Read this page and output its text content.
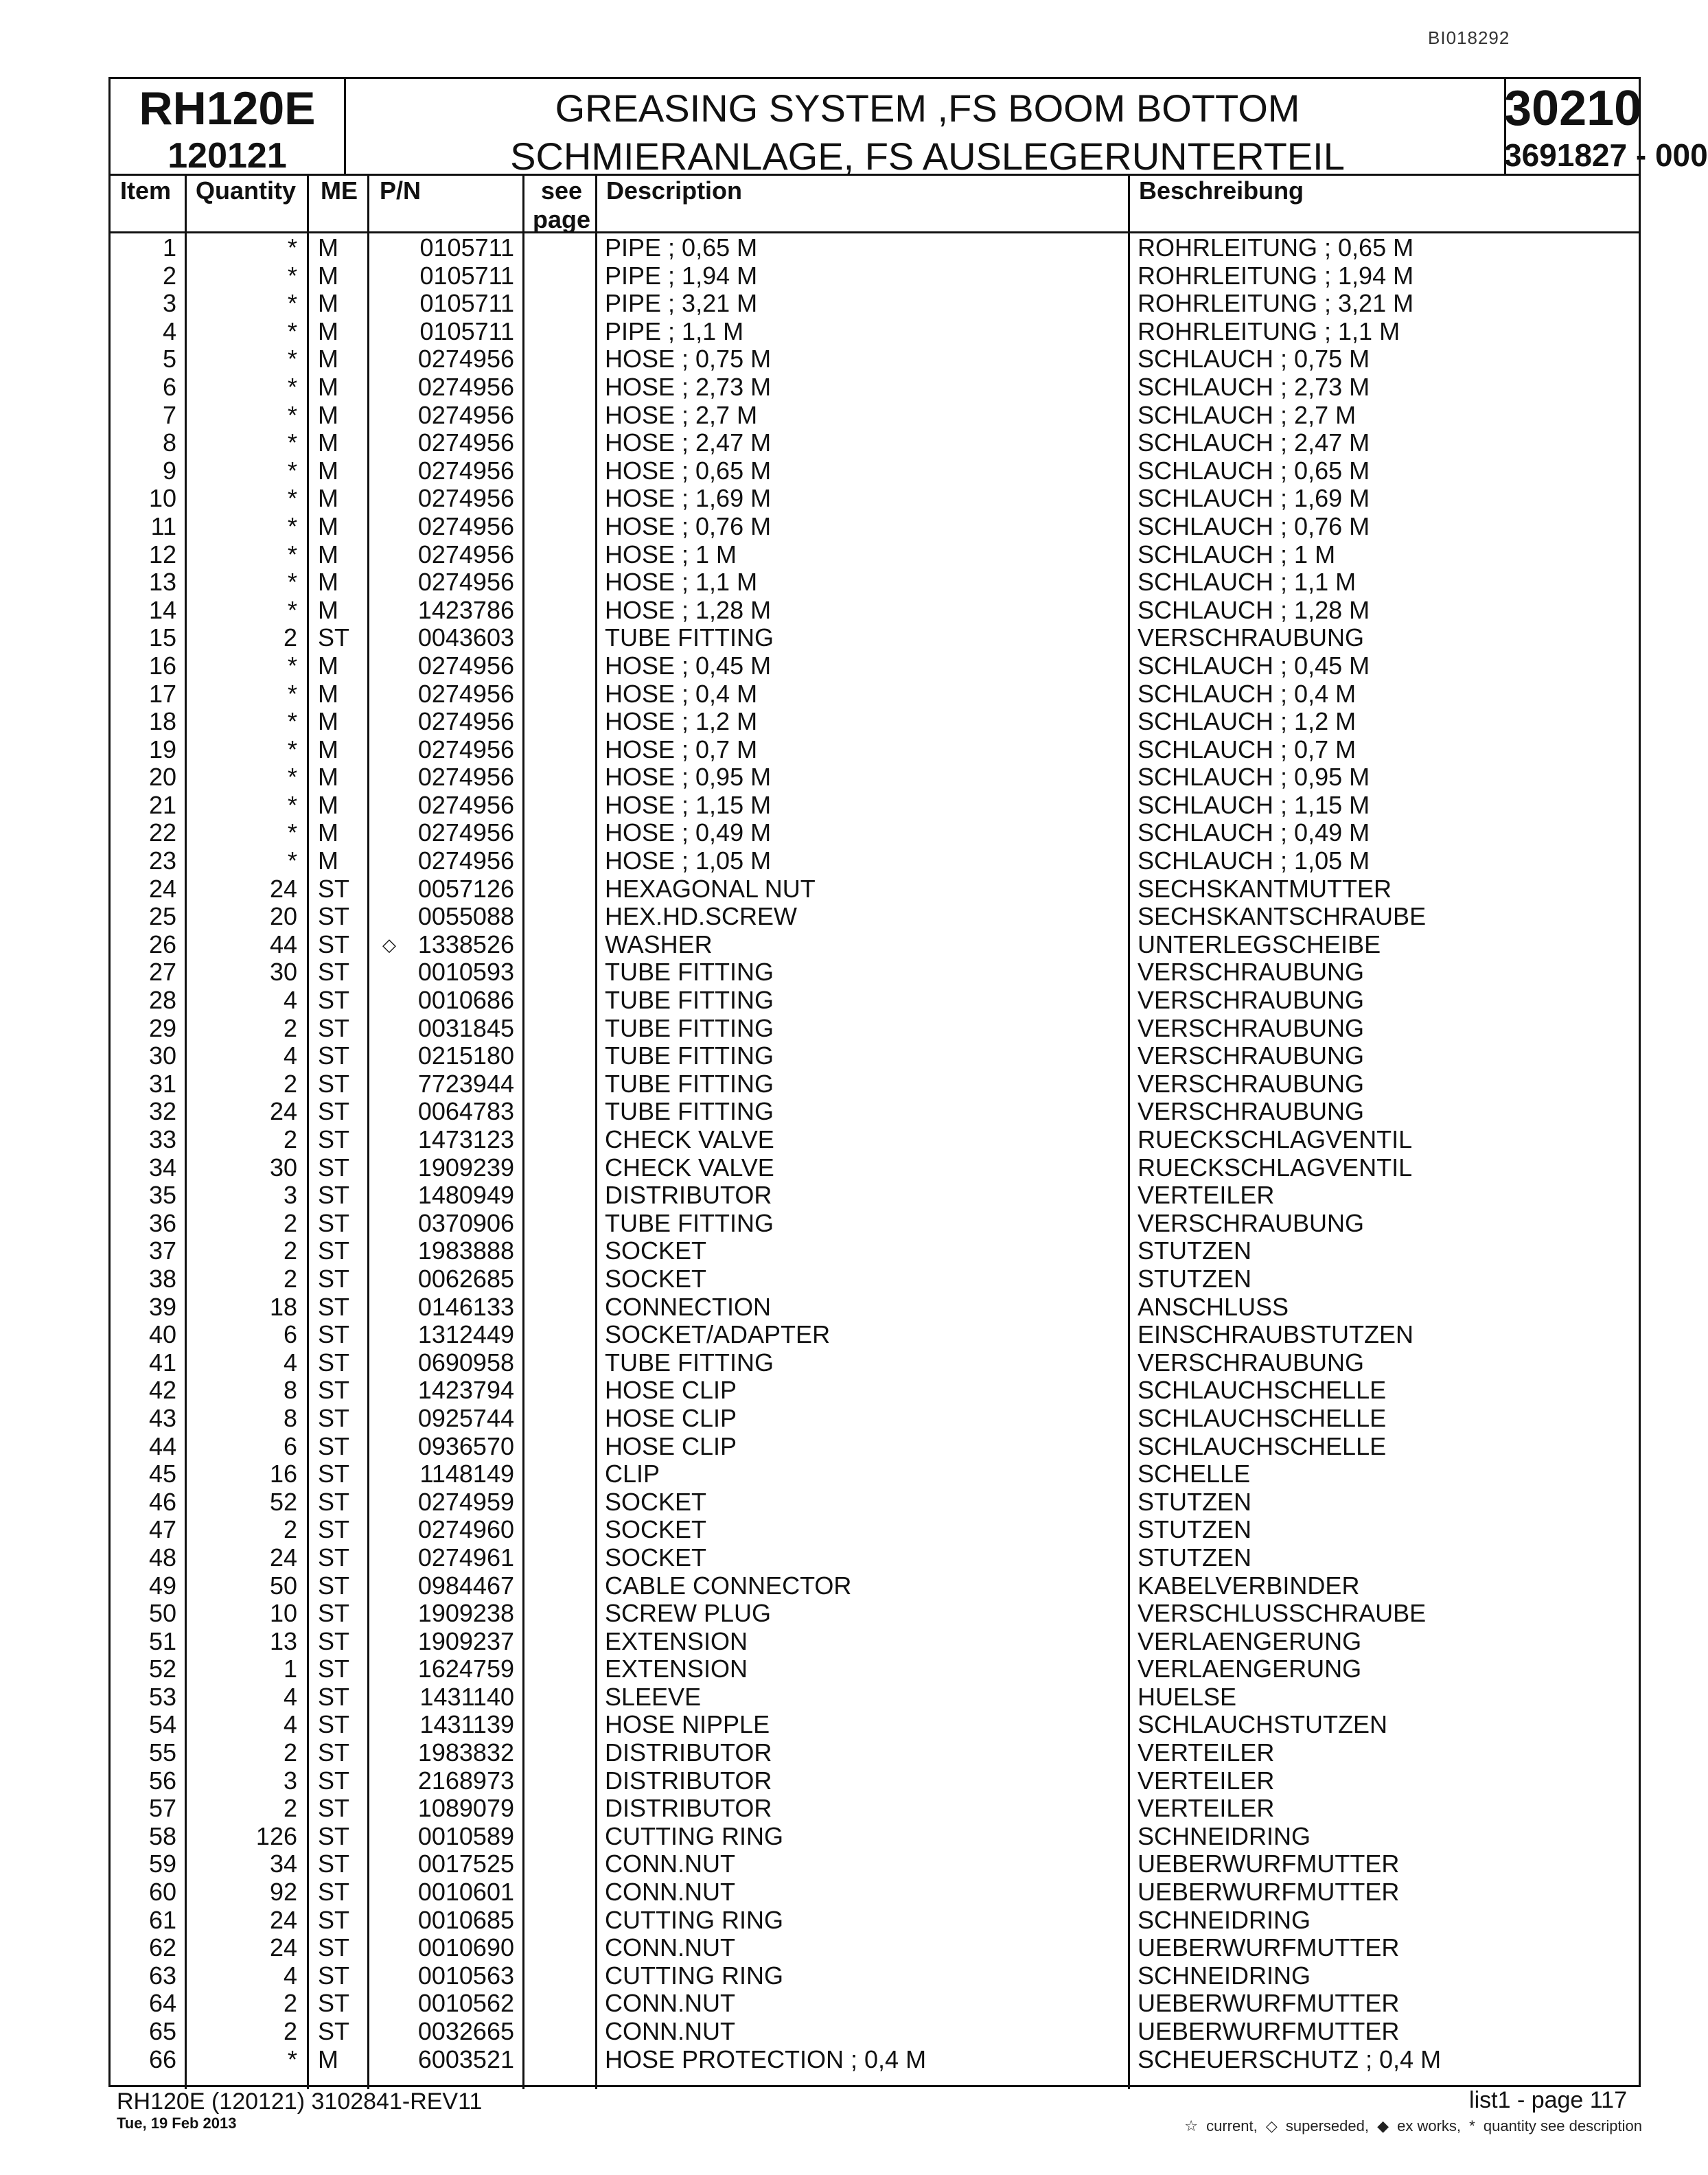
BI018292
RH120E
120121
GREASING SYSTEM ,FS BOOM BOTTOM
SCHMIERANLAGE, FS AUSLEGERUNTERTEIL
30210
3691827 - 000
Item Quantity ME P/N	see page
Description	Beschreibung
1	* M	0105711	PIPE ; 0,65 M	ROHRLEITUNG ; 0,65 M
2	* M	0105711	PIPE ; 1,94 M	ROHRLEITUNG ; 1,94 M
3	* M	0105711	PIPE ; 3,21 M	ROHRLEITUNG ; 3,21 M
4	* M	0105711	PIPE ; 1,1 M	ROHRLEITUNG ; 1,1 M
5	* M	0274956	HOSE ; 0,75 M	SCHLAUCH ; 0,75 M
6	* M	0274956	HOSE ; 2,73 M	SCHLAUCH ; 2,73 M
7	* M	0274956	HOSE ; 2,7 M	SCHLAUCH ; 2,7 M
8	* M	0274956	HOSE ; 2,47 M	SCHLAUCH ; 2,47 M
9	* M	0274956	HOSE ; 0,65 M	SCHLAUCH ; 0,65 M
10	* M	0274956	HOSE ; 1,69 M	SCHLAUCH ; 1,69 M
11	* M	0274956	HOSE ; 0,76 M	SCHLAUCH ; 0,76 M
12	* M	0274956	HOSE ; 1 M	SCHLAUCH ; 1 M
13	* M	0274956	HOSE ; 1,1 M	SCHLAUCH ; 1,1 M
14	* M	1423786	HOSE ; 1,28 M	SCHLAUCH ; 1,28 M
15	2 ST	0043603	TUBE FITTING	VERSCHRAUBUNG
16	* M	0274956	HOSE ; 0,45 M	SCHLAUCH ; 0,45 M
17	* M	0274956	HOSE ; 0,4 M	SCHLAUCH ; 0,4 M
18	* M	0274956	HOSE ; 1,2 M	SCHLAUCH ; 1,2 M
19	* M	0274956	HOSE ; 0,7 M	SCHLAUCH ; 0,7 M
20	* M	0274956	HOSE ; 0,95 M	SCHLAUCH ; 0,95 M
21	* M	0274956	HOSE ; 1,15 M	SCHLAUCH ; 1,15 M
22	* M	0274956	HOSE ; 0,49 M	SCHLAUCH ; 0,49 M
23	* M	0274956	HOSE ; 1,05 M	SCHLAUCH ; 1,05 M
24	24 ST	0057126	HEXAGONAL NUT	SECHSKANTMUTTER
25	20 ST	0055088	HEX.HD.SCREW	SECHSKANTSCHRAUBE
26	44 ST	◇ 1338526	WASHER	UNTERLEGSCHEIBE
27	30 ST	0010593	TUBE FITTING	VERSCHRAUBUNG
28	4 ST	0010686	TUBE FITTING	VERSCHRAUBUNG
29	2 ST	0031845	TUBE FITTING	VERSCHRAUBUNG
30	4 ST	0215180	TUBE FITTING	VERSCHRAUBUNG
31	2 ST	7723944	TUBE FITTING	VERSCHRAUBUNG
32	24 ST	0064783	TUBE FITTING	VERSCHRAUBUNG
33	2 ST	1473123	CHECK VALVE	RUECKSCHLAGVENTIL
34	30 ST	1909239	CHECK VALVE	RUECKSCHLAGVENTIL
35	3 ST	1480949	DISTRIBUTOR	VERTEILER
36	2 ST	0370906	TUBE FITTING	VERSCHRAUBUNG
37	2 ST	1983888	SOCKET	STUTZEN
38	2 ST	0062685	SOCKET	STUTZEN
39	18 ST	0146133	CONNECTION	ANSCHLUSS
40	6 ST	1312449	SOCKET/ADAPTER	EINSCHRAUBSTUTZEN
41	4 ST	0690958	TUBE FITTING	VERSCHRAUBUNG
42	8 ST	1423794	HOSE CLIP	SCHLAUCHSCHELLE
43	8 ST	0925744	HOSE CLIP	SCHLAUCHSCHELLE
44	6 ST	0936570	HOSE CLIP	SCHLAUCHSCHELLE
45	16 ST	1148149	CLIP	SCHELLE
46	52 ST	0274959	SOCKET	STUTZEN
47	2 ST	0274960	SOCKET	STUTZEN
48	24 ST	0274961	SOCKET	STUTZEN
49	50 ST	0984467	CABLE CONNECTOR	KABELVERBINDER
50	10 ST	1909238	SCREW PLUG	VERSCHLUSSCHRAUBE
51	13 ST	1909237	EXTENSION	VERLAENGERUNG
52	1 ST	1624759	EXTENSION	VERLAENGERUNG
53	4 ST	1431140	SLEEVE	HUELSE
54	4 ST	1431139	HOSE NIPPLE	SCHLAUCHSTUTZEN
55	2 ST	1983832	DISTRIBUTOR	VERTEILER
56	3 ST	2168973	DISTRIBUTOR	VERTEILER
57	2 ST	1089079	DISTRIBUTOR	VERTEILER
58	126 ST	0010589	CUTTING RING	SCHNEIDRING
59	34 ST	0017525	CONN.NUT	UEBERWURFMUTTER
60	92 ST	0010601	CONN.NUT	UEBERWURFMUTTER
61	24 ST	0010685	CUTTING RING	SCHNEIDRING
62	24 ST	0010690	CONN.NUT	UEBERWURFMUTTER
63	4 ST	0010563	CUTTING RING	SCHNEIDRING
64	2 ST	0010562	CONN.NUT	UEBERWURFMUTTER
65	2 ST	0032665	CONN.NUT	UEBERWURFMUTTER
66	* M	6003521	HOSE PROTECTION ; 0,4 M	SCHEUERSCHUTZ ; 0,4 M
RH120E (120121) 3102841-REV11
Tue, 19 Feb 2013
list1 - page 117
☆ current, ◇ superseded, ◆ ex works, * quantity see description
